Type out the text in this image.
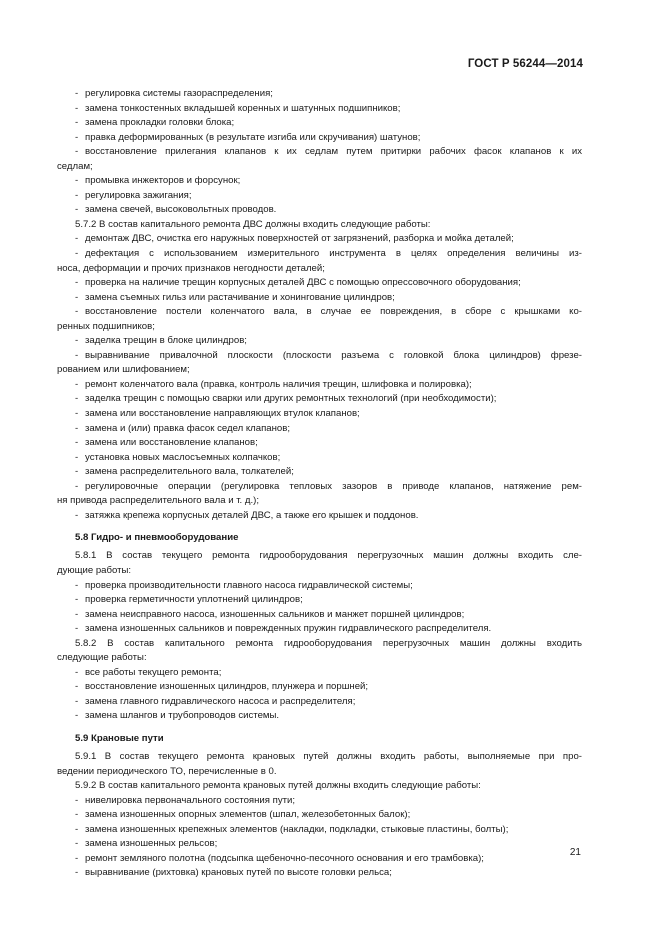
ГОСТ Р 56244—2014
- регулировка системы газораспределения;
- замена тонкостенных вкладышей коренных и шатунных подшипников;
- замена прокладки головки блока;
- правка деформированных (в результате изгиба или скручивания) шатунов;
- восстановление прилегания клапанов к их седлам путем притирки рабочих фасок клапанов к их
седлам;
- промывка инжекторов и форсунок;
- регулировка зажигания;
- замена свечей, высоковольтных проводов.
5.7.2 В состав капитального ремонта ДВС должны входить следующие работы:
- демонтаж ДВС, очистка его наружных поверхностей от загрязнений, разборка и мойка деталей;
- дефектация с использованием измерительного инструмента в целях определения величины из-
носа, деформации и прочих признаков негодности деталей;
- проверка на наличие трещин корпусных деталей ДВС с помощью опрессовочного оборудования;
- замена съемных гильз или растачивание и хонингование цилиндров;
- восстановление постели коленчатого вала, в случае ее повреждения, в сборе с крышками ко-
ренных подшипников;
- заделка трещин в блоке цилиндров;
- выравнивание привалочной плоскости (плоскости разъема с головкой блока цилиндров) фрезе-
рованием или шлифованием;
- ремонт коленчатого вала (правка, контроль наличия трещин, шлифовка и полировка);
- заделка трещин с помощью сварки или других ремонтных технологий (при необходимости);
- замена или восстановление направляющих втулок клапанов;
- замена и (или) правка фасок седел клапанов;
- замена или восстановление клапанов;
- установка новых маслосъемных колпачков;
- замена распределительного вала, толкателей;
- регулировочные операции (регулировка тепловых зазоров в приводе клапанов, натяжение рем-
ня привода распределительного вала и т. д.);
- затяжка крепежа корпусных деталей ДВС, а также его крышек и поддонов.
5.8 Гидро- и пневмооборудование
5.8.1 В состав текущего ремонта гидрооборудования перегрузочных машин должны входить сле-
дующие работы:
- проверка производительности главного насоса гидравлической системы;
- проверка герметичности уплотнений цилиндров;
- замена неисправного насоса, изношенных сальников и манжет поршней цилиндров;
- замена изношенных сальников и поврежденных пружин гидравлического распределителя.
5.8.2 В состав капитального ремонта гидрооборудования перегрузочных машин должны входить
следующие работы:
- все работы текущего ремонта;
- восстановление изношенных цилиндров, плунжера и поршней;
- замена главного гидравлического насоса и распределителя;
- замена шлангов и трубопроводов системы.
5.9 Крановые пути
5.9.1 В состав текущего ремонта крановых путей должны входить работы, выполняемые при про-
ведении периодического ТО, перечисленные в 0.
5.9.2 В состав капитального ремонта крановых путей должны входить следующие работы:
- нивелировка первоначального состояния пути;
- замена изношенных опорных элементов (шпал, железобетонных балок);
- замена изношенных крепежных элементов (накладки, подкладки, стыковые пластины, болты);
- замена изношенных рельсов;
- ремонт земляного полотна (подсыпка щебеночно-песочного основания и его трамбовка);
- выравнивание (рихтовка) крановых путей по высоте головки рельса;
21
